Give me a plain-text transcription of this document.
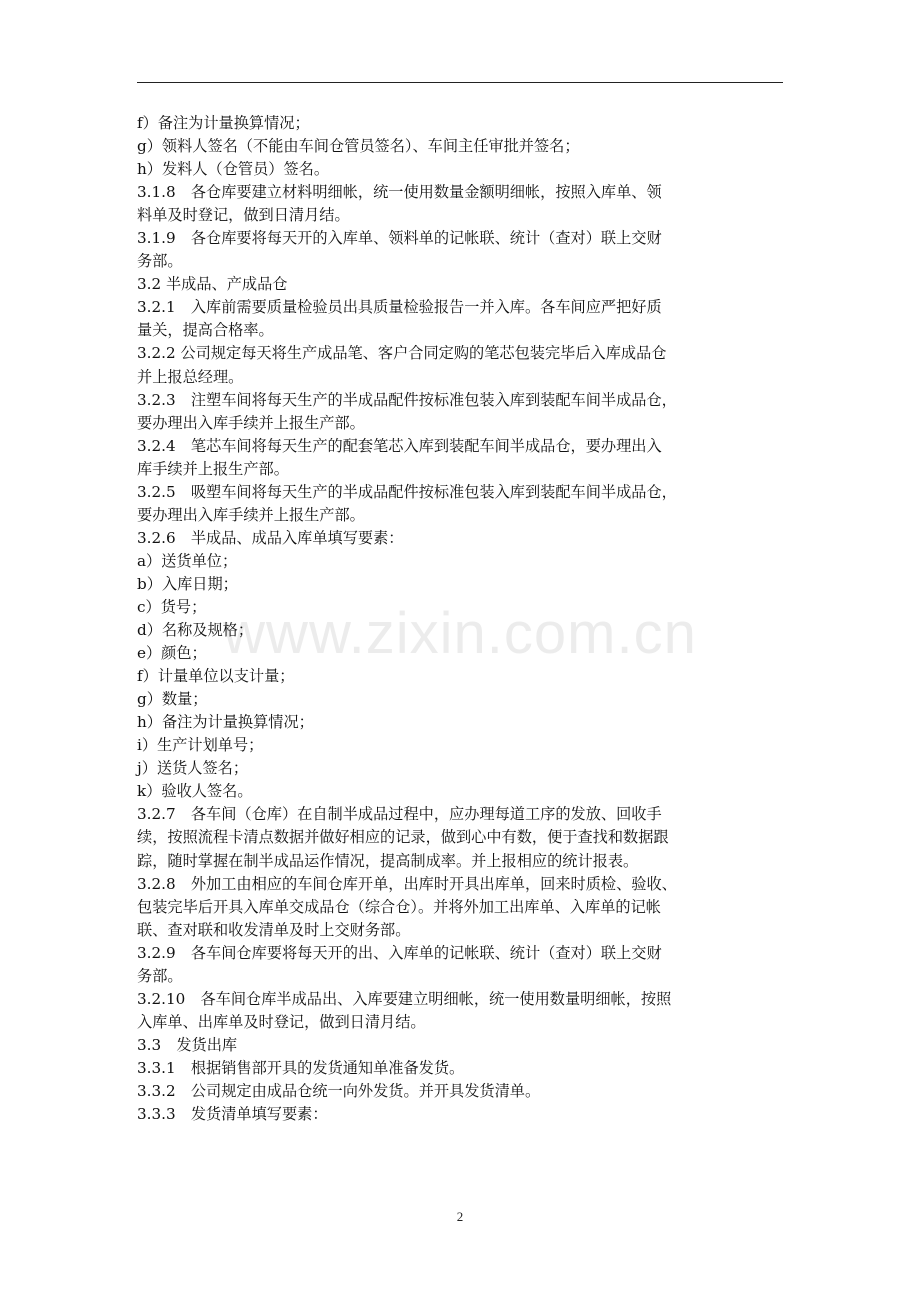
www.zixin.com.cn
f）备注为计量换算情况；
g）领料人签名（不能由车间仓管员签名）、车间主任审批并签名；
h）发料人（仓管员）签名。
3.1.8　各仓库要建立材料明细帐，统一使用数量金额明细帐，按照入库单、领
料单及时登记，做到日清月结。
3.1.9　各仓库要将每天开的入库单、领料单的记帐联、统计（查对）联上交财
务部。
3.2 半成品、产成品仓
3.2.1　入库前需要质量检验员出具质量检验报告一并入库。各车间应严把好质
量关，提高合格率。
3.2.2 公司规定每天将生产成品笔、客户合同定购的笔芯包装完毕后入库成品仓
并上报总经理。
3.2.3　注塑车间将每天生产的半成品配件按标准包装入库到装配车间半成品仓，
要办理出入库手续并上报生产部。
3.2.4　笔芯车间将每天生产的配套笔芯入库到装配车间半成品仓，要办理出入
库手续并上报生产部。
3.2.5　吸塑车间将每天生产的半成品配件按标准包装入库到装配车间半成品仓，
要办理出入库手续并上报生产部。
3.2.6　半成品、成品入库单填写要素：
a）送货单位；
b）入库日期；
c）货号；
d）名称及规格；
e）颜色；
f）计量单位以支计量；
g）数量；
h）备注为计量换算情况；
i）生产计划单号；
j）送货人签名；
k）验收人签名。
3.2.7　各车间（仓库）在自制半成品过程中，应办理每道工序的发放、回收手
续，按照流程卡清点数据并做好相应的记录，做到心中有数，便于查找和数据跟
踪，随时掌握在制半成品运作情况，提高制成率。并上报相应的统计报表。
3.2.8　外加工由相应的车间仓库开单，出库时开具出库单，回来时质检、验收、
包装完毕后开具入库单交成品仓（综合仓）。并将外加工出库单、入库单的记帐
联、查对联和收发清单及时上交财务部。
3.2.9　各车间仓库要将每天开的出、入库单的记帐联、统计（查对）联上交财
务部。
3.2.10　各车间仓库半成品出、入库要建立明细帐，统一使用数量明细帐，按照
入库单、出库单及时登记，做到日清月结。
3.3　发货出库
3.3.1　根据销售部开具的发货通知单准备发货。
3.3.2　公司规定由成品仓统一向外发货。并开具发货清单。
3.3.3　发货清单填写要素：
2
